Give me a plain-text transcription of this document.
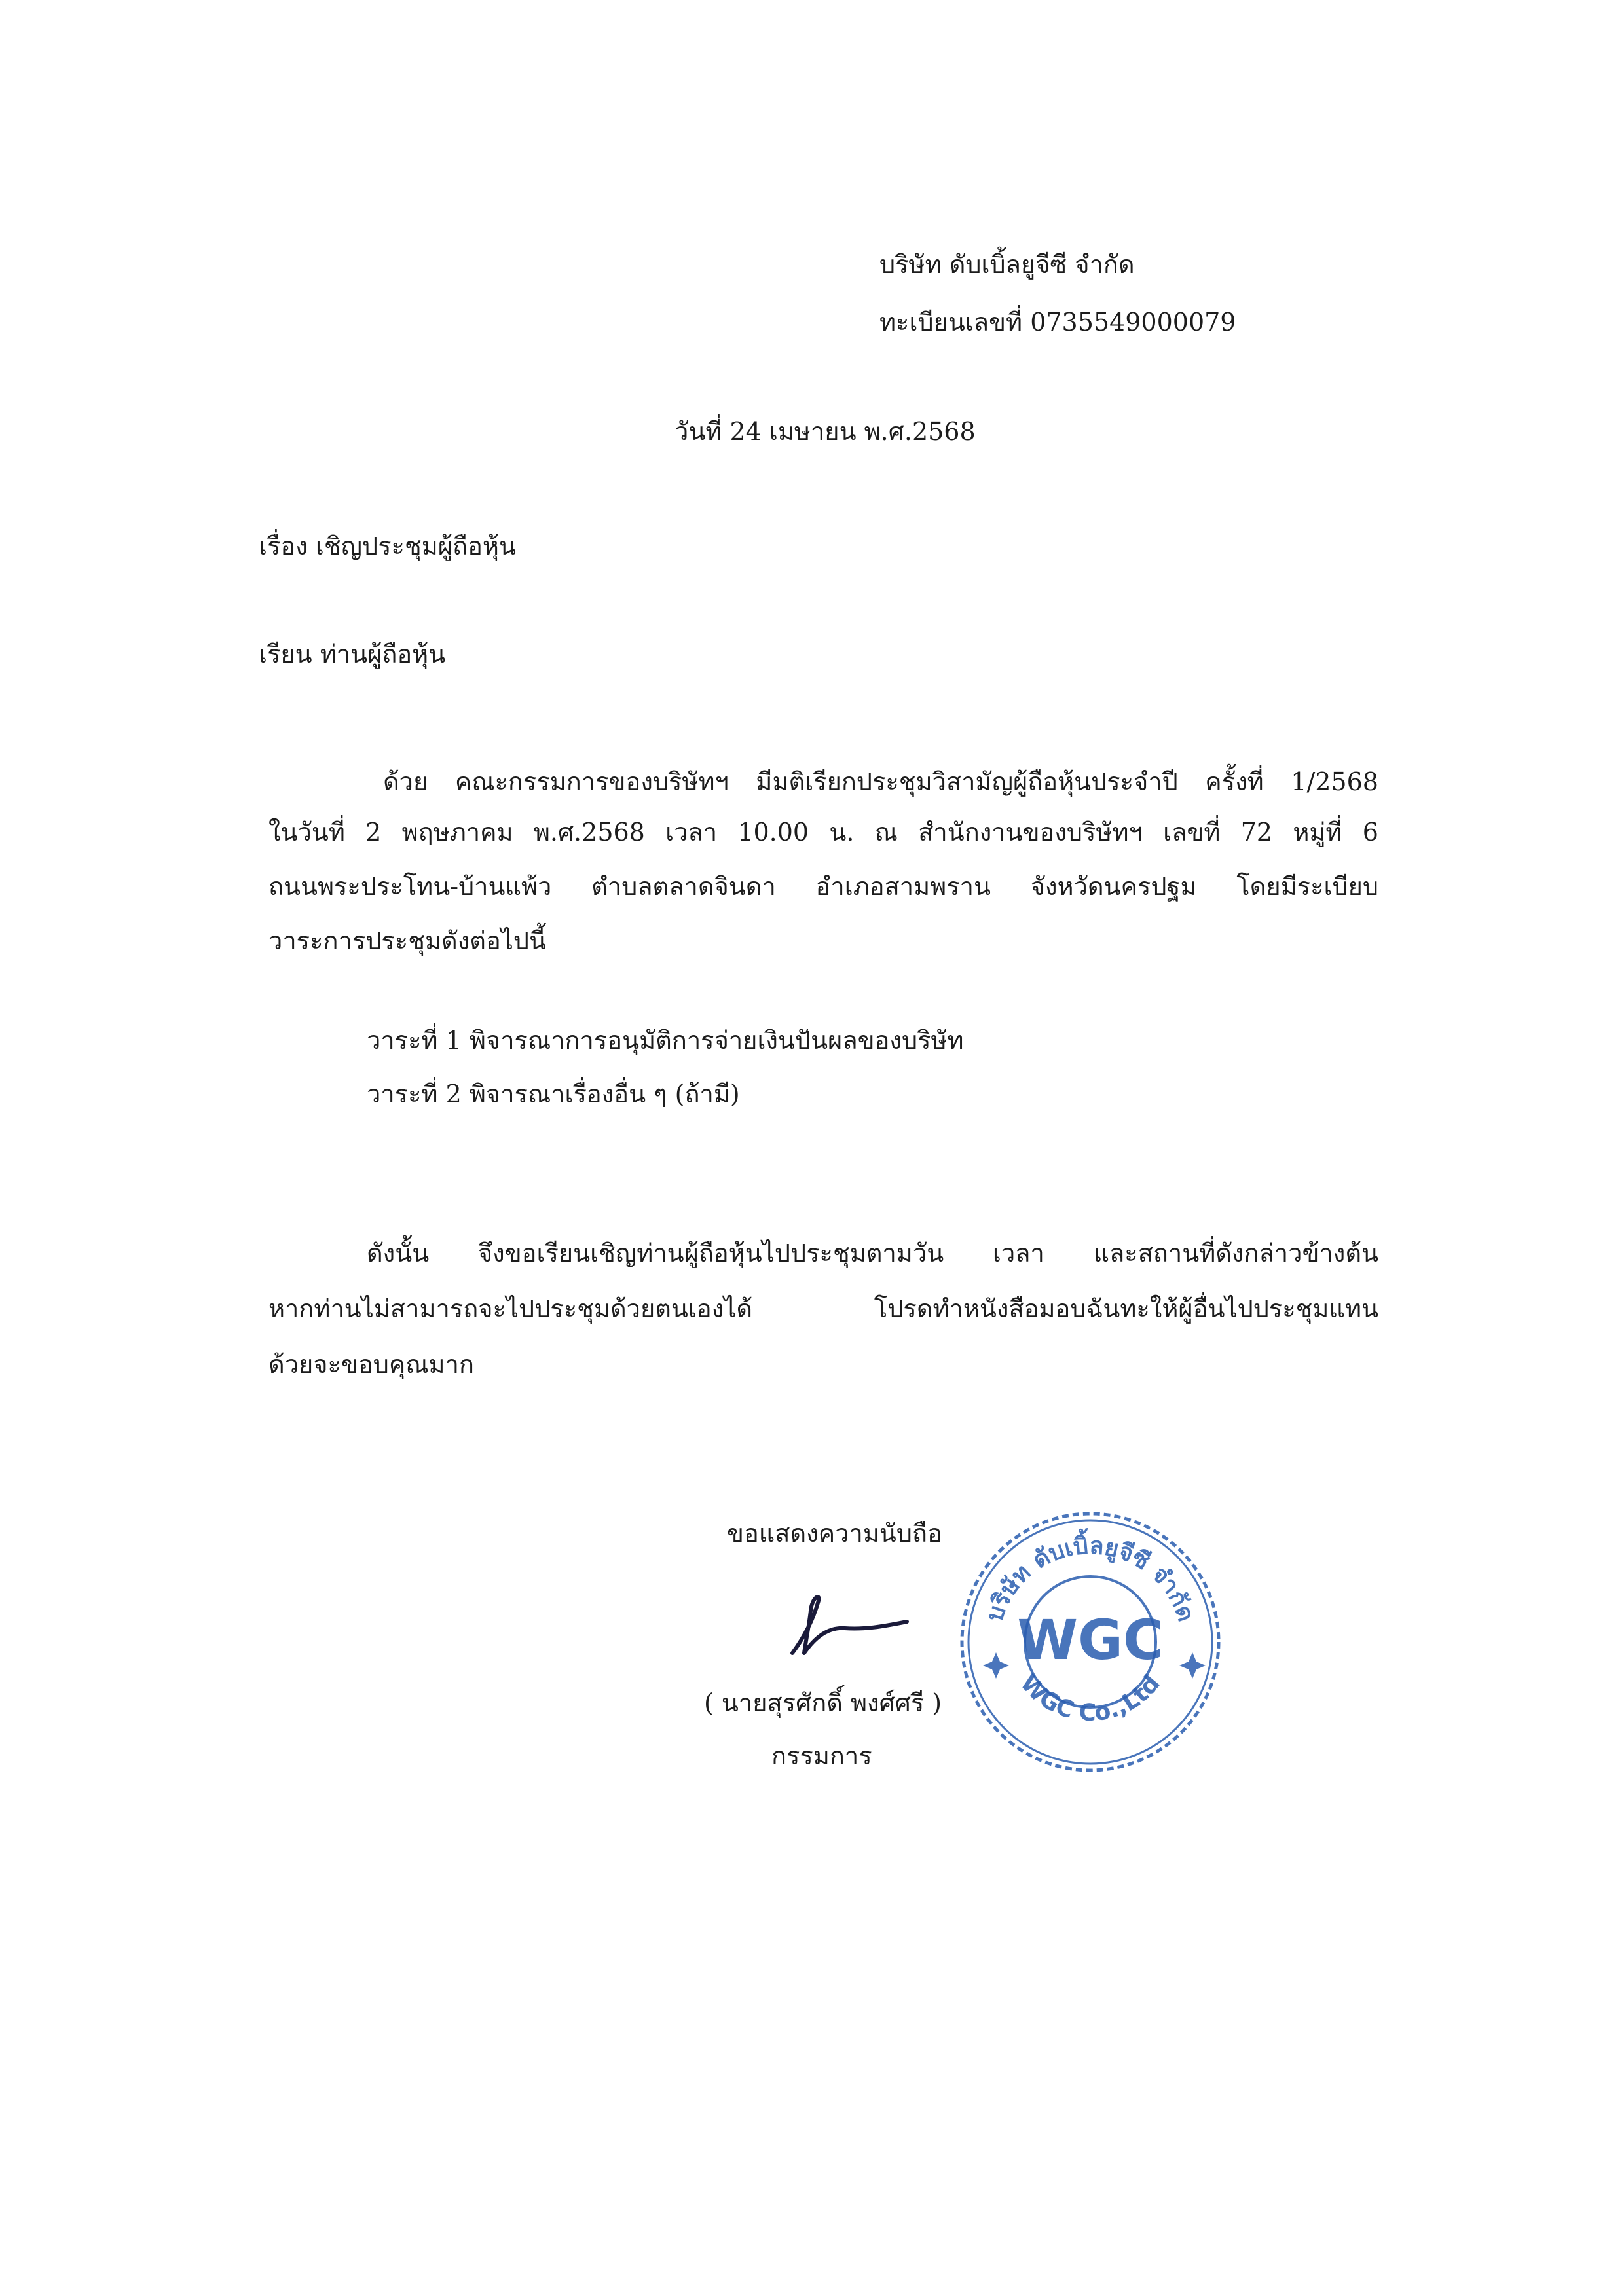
บริษัท ดับเบิ้ลยูจีซี จำกัด
ทะเบียนเลขที่ 0735549000079
วันที่ 24 เมษายน พ.ศ.2568
เรื่อง เชิญประชุมผู้ถือหุ้น
เรียน ท่านผู้ถือหุ้น
ด้วย คณะกรรมการของบริษัทฯ มีมติเรียกประชุมวิสามัญผู้ถือหุ้นประจำปี ครั้งที่ 1/2568
ในวันที่ 2 พฤษภาคม พ.ศ.2568 เวลา 10.00 น. ณ สำนักงานของบริษัทฯ เลขที่ 72 หมู่ที่ 6
ถนนพระประโทน-บ้านแพ้ว ตำบลตลาดจินดา อำเภอสามพราน จังหวัดนครปฐม โดยมีระเบียบ
วาระการประชุมดังต่อไปนี้
วาระที่ 1 พิจารณาการอนุมัติการจ่ายเงินปันผลของบริษัท
วาระที่ 2 พิจารณาเรื่องอื่น ๆ (ถ้ามี)
ดังนั้น จึงขอเรียนเชิญท่านผู้ถือหุ้นไปประชุมตามวัน เวลา และสถานที่ดังกล่าวข้างต้น
หากท่านไม่สามารถจะไปประชุมด้วยตนเองได้	โปรดทำหนังสือมอบฉันทะให้ผู้อื่นไปประชุมแทน
ด้วยจะขอบคุณมาก
ขอแสดงความนับถือ
( นายสุรศักดิ์ พงศ์ศรี )
กรรมการ
บริษัท ดับเบิ้ลยูจีซี จำกัด
WGC
WGC Co.,Ltd
